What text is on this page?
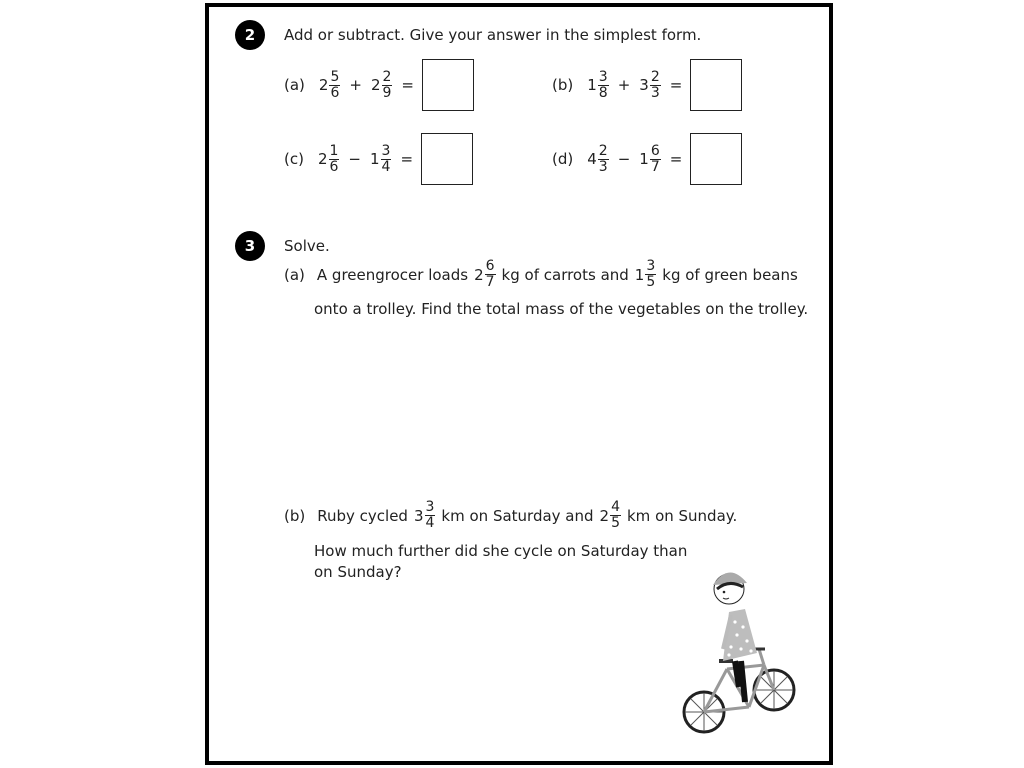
2 Add or subtract. Give your answer in the simplest form.
(a) $2 \frac{5}{6} + 2 \frac{2}{9}$ =	(b) $1 \frac{3}{8} + 3 \frac{2}{3}$ =
(c) $2 \frac{1}{6} - 1 \frac{3}{4}$ =	(d) $4 \frac{2}{3} - 1 \frac{6}{7}$ =
3 Solve.
(a) A greengrocer loads $2 \frac{6}{7}$ kg of carrots and $1 \frac{3}{5}$ kg of green beans
onto a trolley. Find the total mass of the vegetables on the trolley.
(b) Ruby cycled $3 \frac{3}{4}$ km on Saturday and $2 \frac{4}{5}$ km on Sunday.
How much further did she cycle on Saturday than
on Sunday?
